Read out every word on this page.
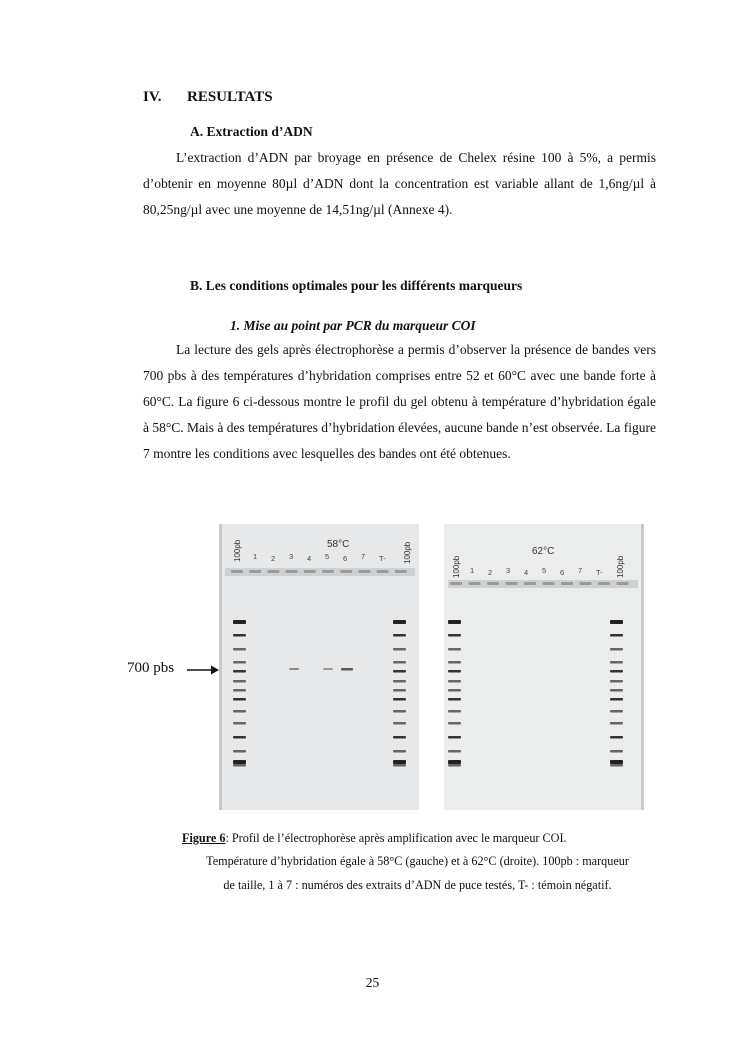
IV. RESULTATS
A. Extraction d’ADN
L’extraction d’ADN par broyage en présence de Chelex résine 100 à 5%, a permis d’obtenir en moyenne 80µl d’ADN dont la concentration est variable allant de 1,6ng/µl à 80,25ng/µl avec une moyenne de 14,51ng/µl (Annexe 4).
B. Les conditions optimales pour les différents marqueurs
1. Mise au point par PCR du marqueur COI
La lecture des gels après électrophorèse a permis d’observer la présence de bandes vers 700 pbs à des températures d’hybridation comprises entre 52 et 60°C avec une bande forte à 60°C. La figure 6 ci-dessous montre le profil du gel obtenu à température d’hybridation égale à 58°C. Mais à des températures d’hybridation élevées, aucune bande n’est observée. La figure 7 montre les conditions avec lesquelles des bandes ont été obtenues.
700 pbs
100pb	58°C	100pb
1 2 3 4 5 6 7 T-	100pb
62°C
100pb
1 2 3 4 5 6 7 T-
Figure 6: Profil de l’électrophorèse après amplification avec le marqueur COI.
Température d’hybridation égale à 58°C (gauche) et à 62°C (droite). 100pb : marqueur
de taille, 1 à 7 : numéros des extraits d’ADN de puce testés, T- : témoin négatif.
25
